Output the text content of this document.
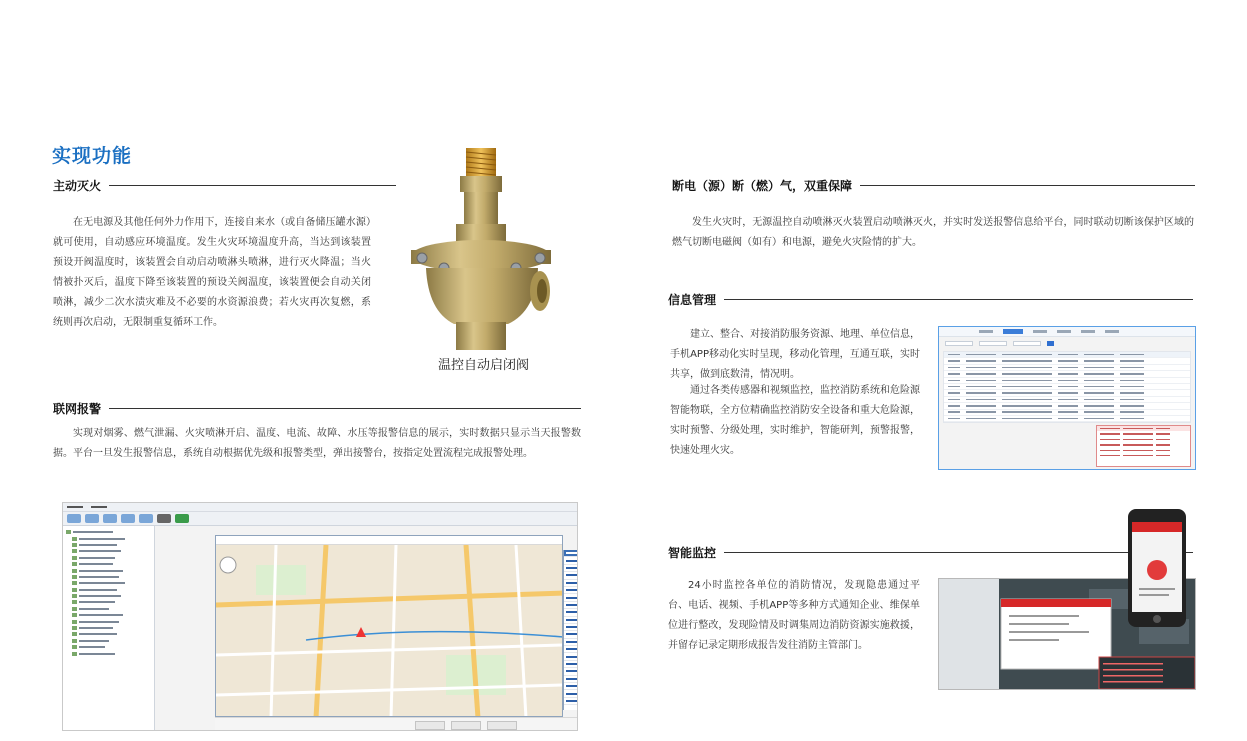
实现功能
主动灭火
在无电源及其他任何外力作用下，连接自来水（或自备储压罐水源）就可使用，自动感应环境温度。发生火灾环境温度升高，当达到该装置预设开阀温度时，该装置会自动启动喷淋头喷淋，进行灭火降温；当火情被扑灭后，温度下降至该装置的预设关阀温度，该装置便会自动关闭喷淋，减少二次水渍灾难及不必要的水资源浪费；若火灾再次复燃，系统则再次启动，无限制重复循环工作。
温控自动启闭阀
断电（源）断（燃）气，双重保障
发生火灾时，无源温控自动喷淋灭火装置启动喷淋灭火，并实时发送报警信息给平台，同时联动切断该保护区域的燃气切断电磁阀（如有）和电源，避免火灾险情的扩大。
信息管理
建立、整合、对接消防服务资源、地理、单位信息，手机APP移动化实时呈现，移动化管理，互通互联，实时共享，做到底数清，情况明。
通过各类传感器和视频监控，监控消防系统和危险源智能物联，全方位精确监控消防安全设备和重大危险源，实时预警、分级处理，实时维护，智能研判，预警报警，快速处理火灾。
联网报警
实现对烟雾、燃气泄漏、火灾喷淋开启、温度、电流、故障、水压等报警信息的展示，实时数据只显示当天报警数据。平台一旦发生报警信息，系统自动根据优先级和报警类型，弹出接警台，按指定处置流程完成报警处理。
智能监控
24小时监控各单位的消防情况，发现隐患通过平台、电话、视频、手机APP等多种方式通知企业、维保单位进行整改，发现险情及时调集周边消防资源实施救援，并留存记录定期形成报告发往消防主管部门。
